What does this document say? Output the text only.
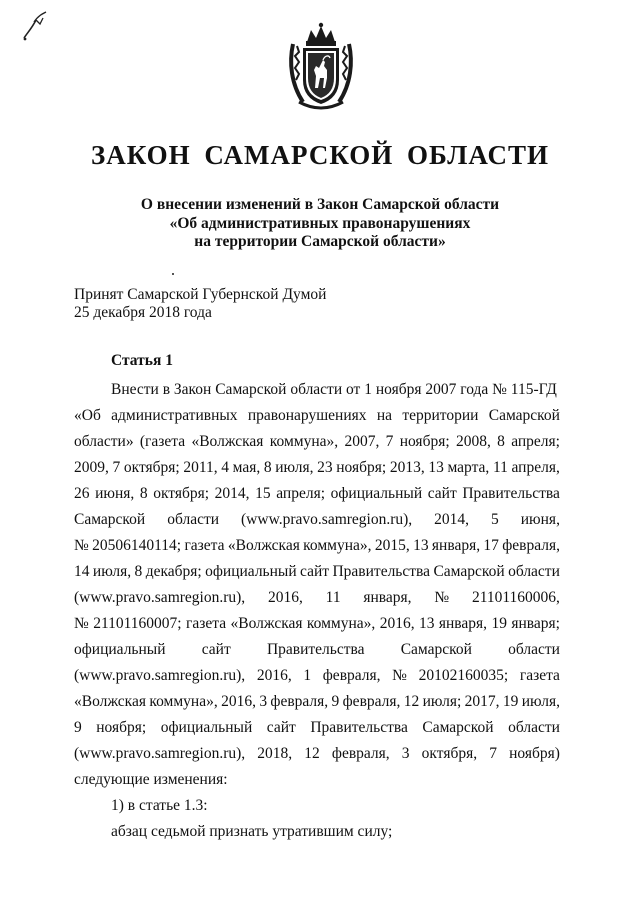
ЗАКОН САМАРСКОЙ ОБЛАСТИ
О внесении изменений в Закон Самарской области
«Об административных правонарушениях
на территории Самарской области»
Принят Самарской Губернской Думой
25 декабря 2018 года
Статья 1
Внести в Закон Самарской области от 1 ноября 2007 года № 115-ГД
«Об административных правонарушениях на территории Самарской
области» (газета «Волжская коммуна», 2007, 7 ноября; 2008, 8 апреля;
2009, 7 октября; 2011, 4 мая, 8 июля, 23 ноября; 2013, 13 марта, 11 апреля,
26 июня, 8 октября; 2014, 15 апреля; официальный сайт Правительства
Самарской области (www.pravo.samregion.ru), 2014, 5 июня,
№ 20506140114; газета «Волжская коммуна», 2015, 13 января, 17 февраля,
14 июля, 8 декабря; официальный сайт Правительства Самарской области
(www.pravo.samregion.ru), 2016, 11 января, № 21101160006,
№ 21101160007; газета «Волжская коммуна», 2016, 13 января, 19 января;
официальный сайт Правительства Самарской области
(www.pravo.samregion.ru), 2016, 1 февраля, № 20102160035; газета
«Волжская коммуна», 2016, 3 февраля, 9 февраля, 12 июля; 2017, 19 июля,
9 ноября; официальный сайт Правительства Самарской области
(www.pravo.samregion.ru), 2018, 12 февраля, 3 октября, 7 ноября)
следующие изменения:
1) в статье 1.3:
абзац седьмой признать утратившим силу;
